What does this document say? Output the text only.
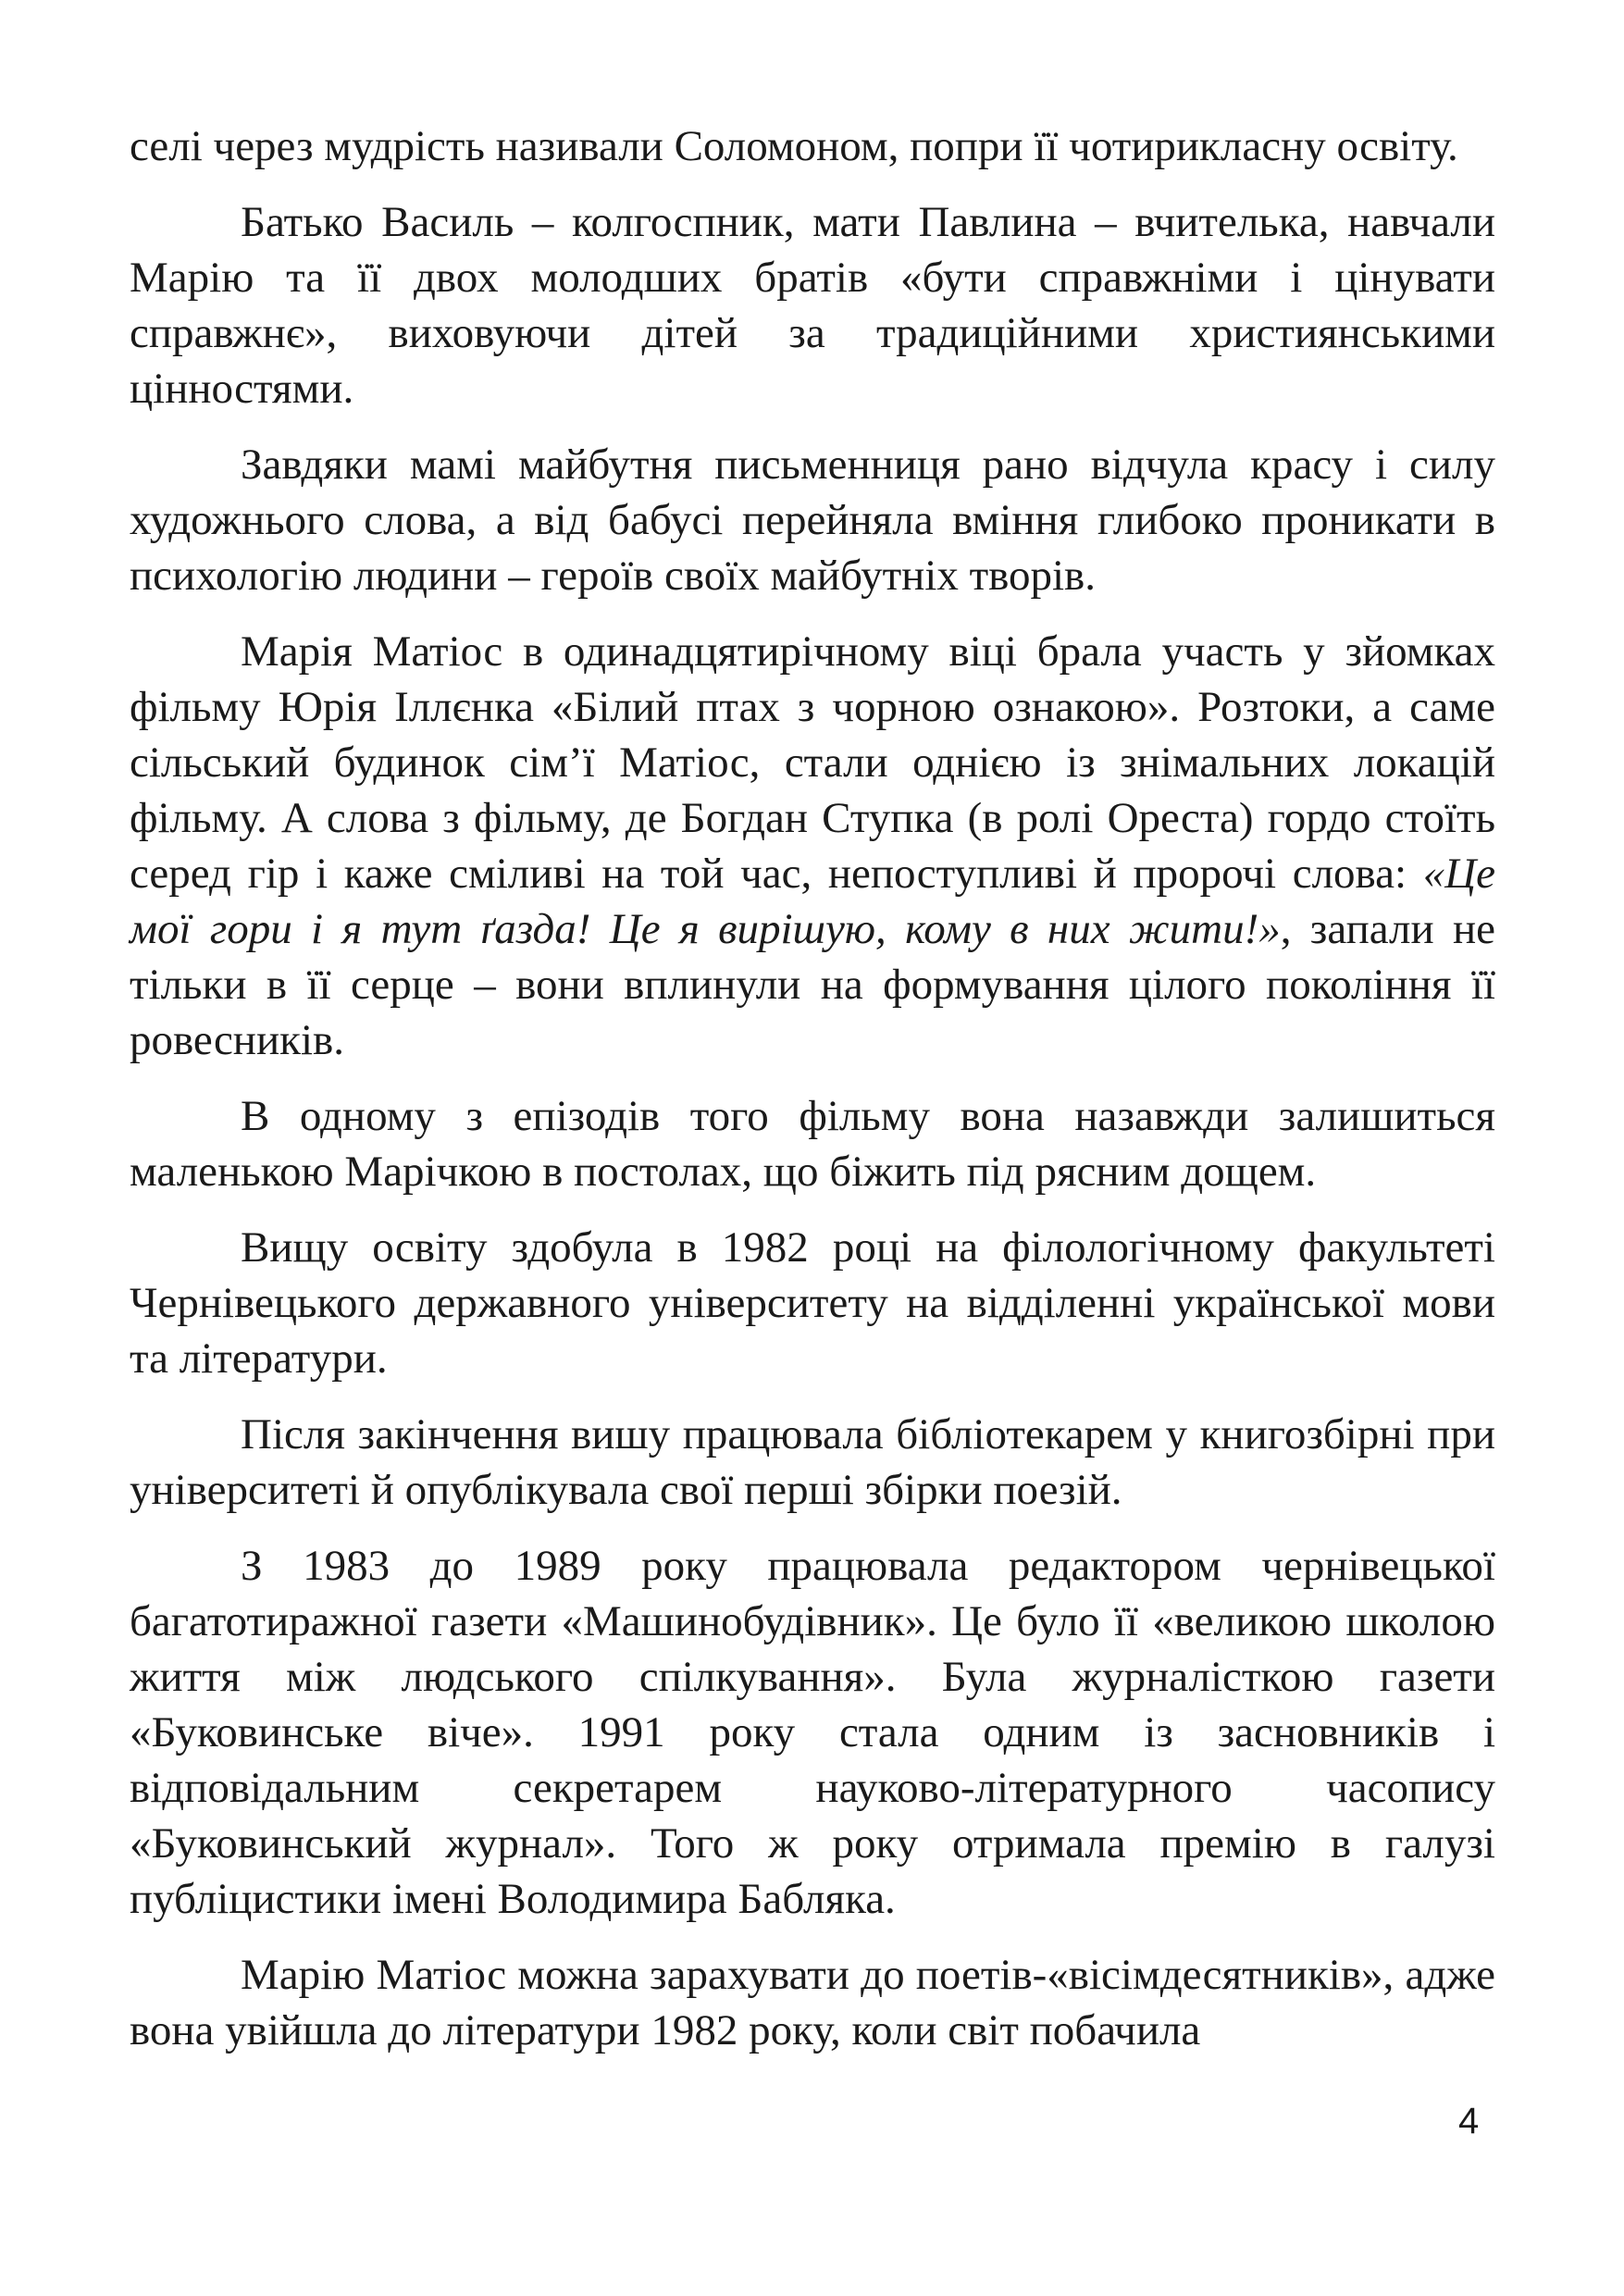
селі через мудрість називали Соломоном, попри її чотирикласну освіту.

Батько Василь – колгоспник, мати Павлина – вчителька, навчали Марію та її двох молодших братів «бути справжніми і цінувати справжнє», виховуючи дітей за традиційними християнськими цінностями.

Завдяки мамі майбутня письменниця рано відчула красу і силу художнього слова, а від бабусі перейняла вміння глибоко проникати в психологію людини – героїв своїх майбутніх творів.

Марія Матіос в одинадцятирічному віці брала участь у зйомках фільму Юрія Іллєнка «Білий птах з чорною ознакою». Розтоки, а саме сільський будинок сім’ї Матіос, стали однією із знімальних локацій фільму. А слова з фільму, де Богдан Ступка (в ролі Ореста) гордо стоїть серед гір і каже сміливі на той час, непоступливі й пророчі слова: «Це мої гори і я тут ґазда! Це я вирішую, кому в них жити!», запали не тільки в її серце – вони вплинули на формування цілого покоління її ровесників.

В одному з епізодів того фільму вона назавжди залишиться маленькою Марічкою в постолах, що біжить під рясним дощем.

Вищу освіту здобула в 1982 році на філологічному факультеті Чернівецького державного університету на відділенні української мови та літератури.

Після закінчення вишу працювала бібліотекарем у книгозбірні при університеті й опублікувала свої перші збірки поезій.

З 1983 до 1989 року працювала редактором чернівецької багатотиражної газети «Машинобудівник». Це було її «великою школою життя між людського спілкування». Була журналісткою газети «Буковинське віче». 1991 року стала одним із засновників і відповідальним секретарем науково-літературного часопису «Буковинський журнал». Того ж року отримала премію в галузі публіцистики імені Володимира Бабляка.

Марію Матіос можна зарахувати до поетів-«вісімдесятників», адже вона увійшла до літератури 1982 року, коли світ побачила

4
